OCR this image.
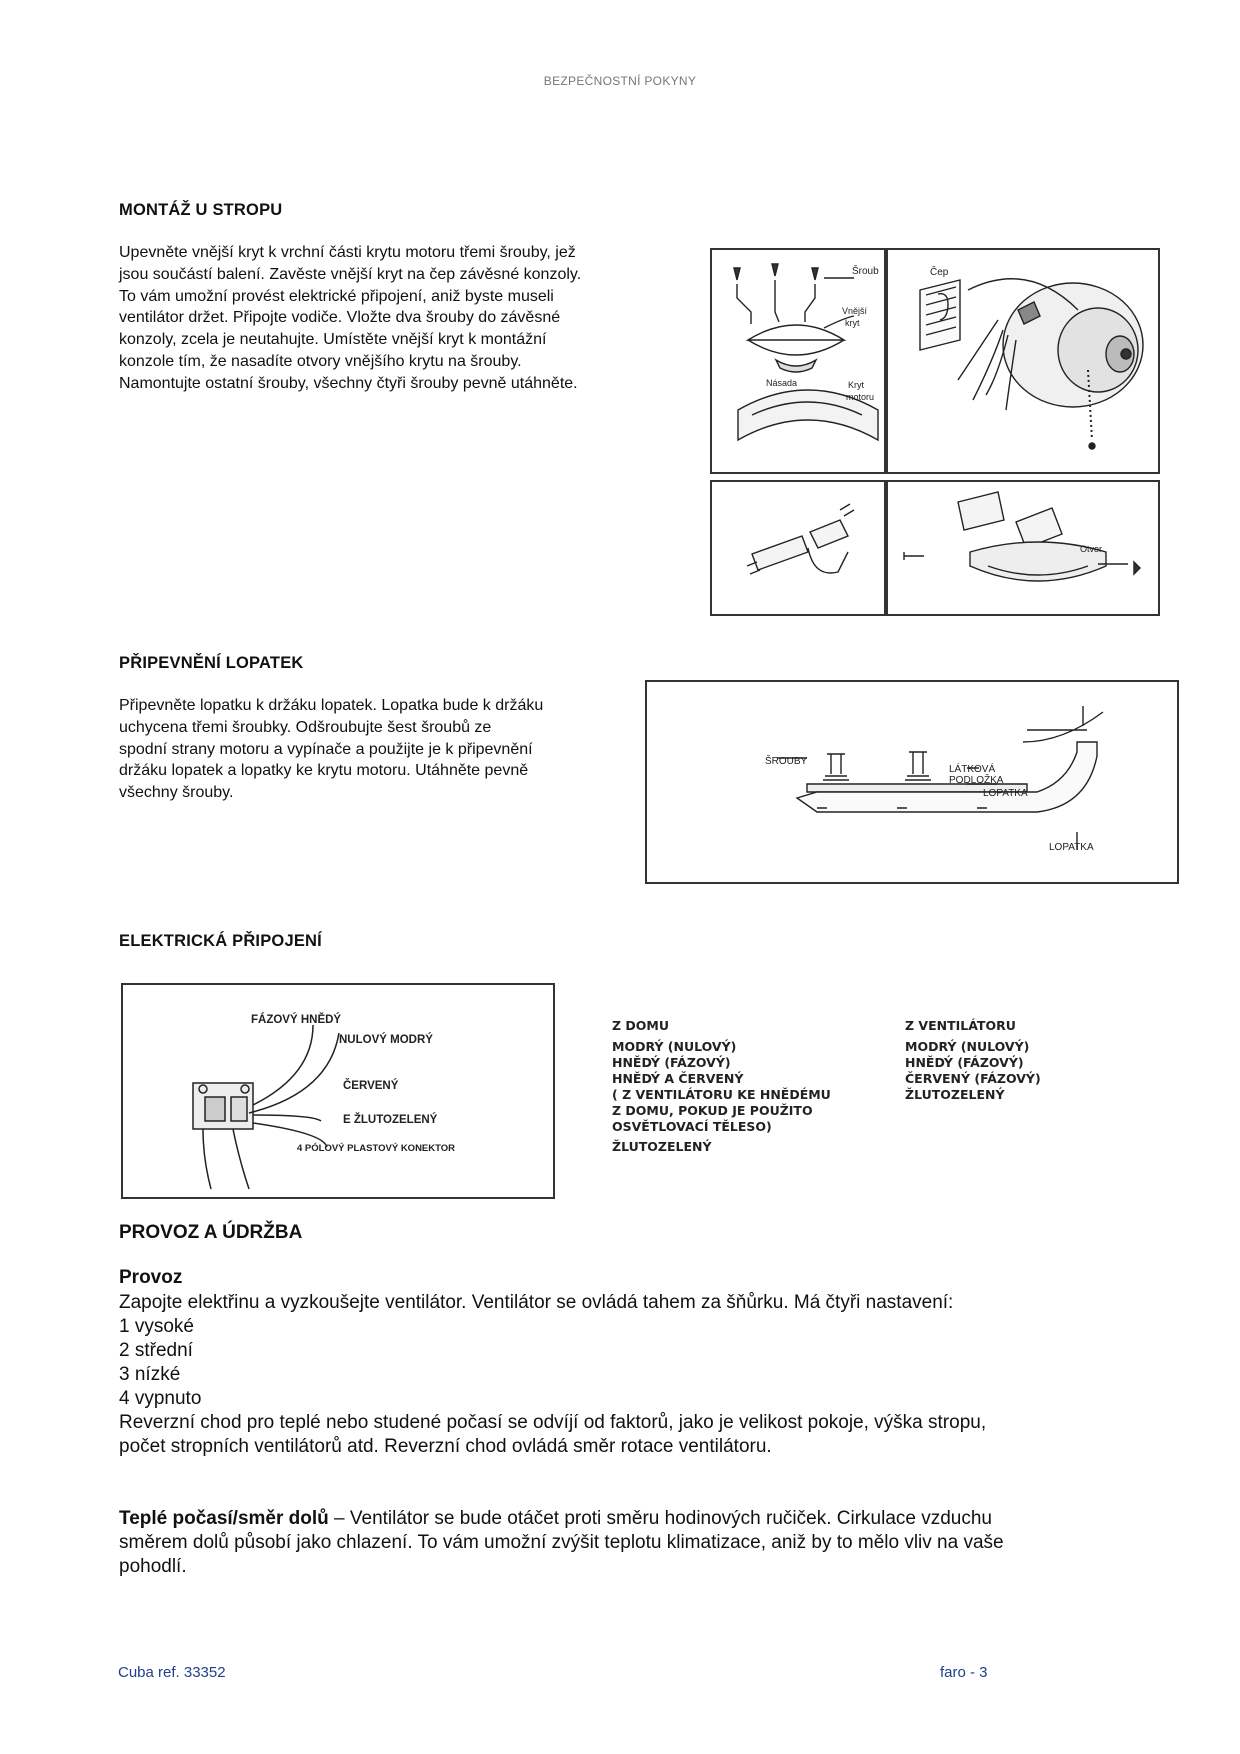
BEZPEČNOSTNÍ POKYNY
MONTÁŽ U STROPU
Upevněte vnější kryt k vrchní části krytu motoru třemi šrouby, jež
jsou součástí balení. Zavěste vnější kryt na čep závěsné konzoly.
To vám umožní provést elektrické připojení, aniž byste museli
ventilátor držet. Připojte vodiče. Vložte dva šrouby do závěsné
konzoly, zcela je neutahujte. Umístěte vnější kryt k montážní
konzole tím, že nasadíte otvory vnějšího krytu na šrouby.
Namontujte ostatní šrouby, všechny čtyři šrouby pevně utáhněte.
Šroub
Vnější
kryt
Násada	Kryt
motoru
Čep
Otvor
PŘIPEVNĚNÍ LOPATEK
Připevněte lopatku k držáku lopatek. Lopatka bude k držáku
uchycena třemi šroubky. Odšroubujte šest šroubů ze
spodní strany motoru a vypínače a použijte je k připevnění
držáku lopatek a lopatky ke krytu motoru. Utáhněte pevně
všechny šrouby.
ŠROUBY
LÁTKOVÁ
PODLOŽKA
LOPATKA
LOPATKA
ELEKTRICKÁ PŘIPOJENÍ
FÁZOVÝ HNĚDÝ
NULOVÝ MODRÝ
ČERVENÝ
E ŽLUTOZELENÝ
4 PÓLOVÝ PLASTOVÝ KONEKTOR
Z DOMU
MODRÝ (NULOVÝ)
HNĚDÝ (FÁZOVÝ)
HNĚDÝ A ČERVENÝ
( Z VENTILÁTORU KE HNĚDÉMU
Z DOMU, POKUD JE POUŽITO
OSVĚTLOVACÍ TĚLESO)
ŽLUTOZELENÝ
Z VENTILÁTORU
MODRÝ (NULOVÝ)
HNĚDÝ (FÁZOVÝ)
ČERVENÝ (FÁZOVÝ)
ŽLUTOZELENÝ
PROVOZ A ÚDRŽBA
Provoz
Zapojte elektřinu a vyzkoušejte ventilátor. Ventilátor se ovládá tahem za šňůrku. Má čtyři nastavení:
1 vysoké
2 střední
3 nízké
4 vypnuto
Reverzní chod pro teplé nebo studené počasí se odvíjí od faktorů, jako je velikost pokoje, výška stropu,
počet stropních ventilátorů atd. Reverzní chod ovládá směr rotace ventilátoru.
Teplé počasí/směr dolů – Ventilátor se bude otáčet proti směru hodinových ručiček. Cirkulace vzduchu
směrem dolů působí jako chlazení. To vám umožní zvýšit teplotu klimatizace, aniž by to mělo vliv na vaše
pohodlí.
Cuba ref. 33352	faro - 3
